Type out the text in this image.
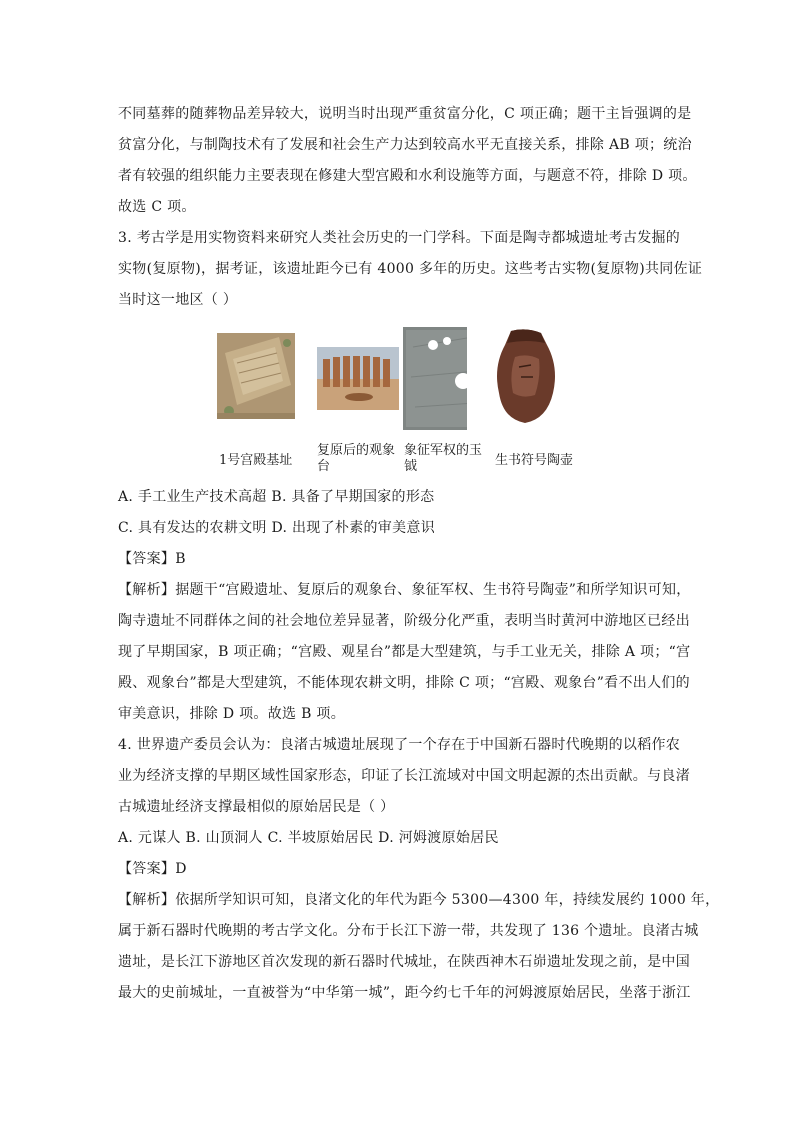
不同墓葬的随葬物品差异较大，说明当时出现严重贫富分化，C 项正确；题干主旨强调的是
贫富分化，与制陶技术有了发展和社会生产力达到较高水平无直接关系，排除 AB 项；统治
者有较强的组织能力主要表现在修建大型宫殿和水利设施等方面，与题意不符，排除 D 项。
故选 C 项。
3. 考古学是用实物资料来研究人类社会历史的一门学科。下面是陶寺都城遗址考古发掘的
实物(复原物)，据考证，该遗址距今已有 4000 多年的历史。这些考古实物(复原物)共同佐证
当时这一地区（ ）
1号宫殿基址
复原后的观象台
象征军权的玉钺	生书符号陶壶
A. 手工业生产技术高超 B. 具备了早期国家的形态
C. 具有发达的农耕文明 D. 出现了朴素的审美意识
【答案】B
【解析】据题干“宫殿遗址、复原后的观象台、象征军权、生书符号陶壶”和所学知识可知，
陶寺遗址不同群体之间的社会地位差异显著，阶级分化严重，表明当时黄河中游地区已经出
现了早期国家，B 项正确；“宫殿、观星台”都是大型建筑，与手工业无关，排除 A 项；“宫
殿、观象台”都是大型建筑，不能体现农耕文明，排除 C 项；“宫殿、观象台”看不出人们的
审美意识，排除 D 项。故选 B 项。
4. 世界遗产委员会认为：良渚古城遗址展现了一个存在于中国新石器时代晚期的以稻作农
业为经济支撑的早期区域性国家形态，印证了长江流域对中国文明起源的杰出贡献。与良渚
古城遗址经济支撑最相似的原始居民是（ ）
A. 元谋人 B. 山顶洞人 C. 半坡原始居民 D. 河姆渡原始居民
【答案】D
【解析】依据所学知识可知，良渚文化的年代为距今 5300—4300 年，持续发展约 1000 年，
属于新石器时代晚期的考古学文化。分布于长江下游一带，共发现了 136 个遗址。良渚古城
遗址，是长江下游地区首次发现的新石器时代城址，在陕西神木石峁遗址发现之前，是中国
最大的史前城址，一直被誉为“中华第一城”，距今约七千年的河姆渡原始居民，坐落于浙江
